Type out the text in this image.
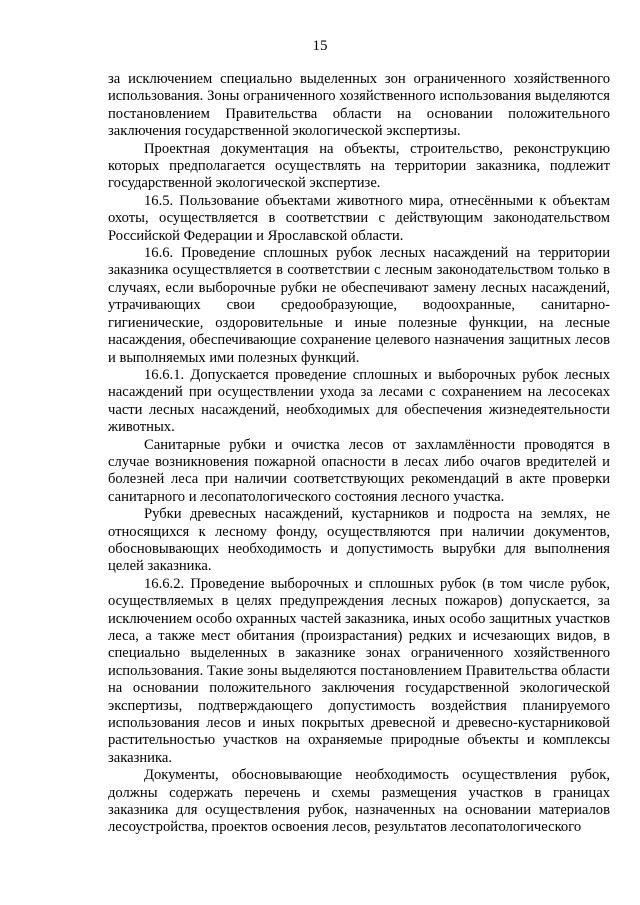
15

за исключением специально выделенных зон ограниченного хозяйственного использования. Зоны ограниченного хозяйственного использования выделяются постановлением Правительства области на основании положительного заключения государственной экологической экспертизы.

Проектная документация на объекты, строительство, реконструкцию которых предполагается осуществлять на территории заказника, подлежит государственной экологической экспертизе.

16.5. Пользование объектами животного мира, отнесёнными к объектам охоты, осуществляется в соответствии с действующим законодательством Российской Федерации и Ярославской области.

16.6. Проведение сплошных рубок лесных насаждений на территории заказника осуществляется в соответствии с лесным законодательством только в случаях, если выборочные рубки не обеспечивают замену лесных насаждений, утрачивающих свои средообразующие, водоохранные, санитарно-гигиенические, оздоровительные и иные полезные функции, на лесные насаждения, обеспечивающие сохранение целевого назначения защитных лесов и выполняемых ими полезных функций.

16.6.1. Допускается проведение сплошных и выборочных рубок лесных насаждений при осуществлении ухода за лесами с сохранением на лесосеках части лесных насаждений, необходимых для обеспечения жизнедеятельности животных.

Санитарные рубки и очистка лесов от захламлённости проводятся в случае возникновения пожарной опасности в лесах либо очагов вредителей и болезней леса при наличии соответствующих рекомендаций в акте проверки санитарного и лесопатологического состояния лесного участка.

Рубки древесных насаждений, кустарников и подроста на землях, не относящихся к лесному фонду, осуществляются при наличии документов, обосновывающих необходимость и допустимость вырубки для выполнения целей заказника.

16.6.2. Проведение выборочных и сплошных рубок (в том числе рубок, осуществляемых в целях предупреждения лесных пожаров) допускается, за исключением особо охранных частей заказника, иных особо защитных участков леса, а также мест обитания (произрастания) редких и исчезающих видов, в специально выделенных в заказнике зонах ограниченного хозяйственного использования. Такие зоны выделяются постановлением Правительства области на основании положительного заключения государственной экологической экспертизы, подтверждающего допустимость воздействия планируемого использования лесов и иных покрытых древесной и древесно-кустарниковой растительностью участков на охраняемые природные объекты и комплексы заказника.

Документы, обосновывающие необходимость осуществления рубок, должны содержать перечень и схемы размещения участков в границах заказника для осуществления рубок, назначенных на основании материалов лесоустройства, проектов освоения лесов, результатов лесопатологического
